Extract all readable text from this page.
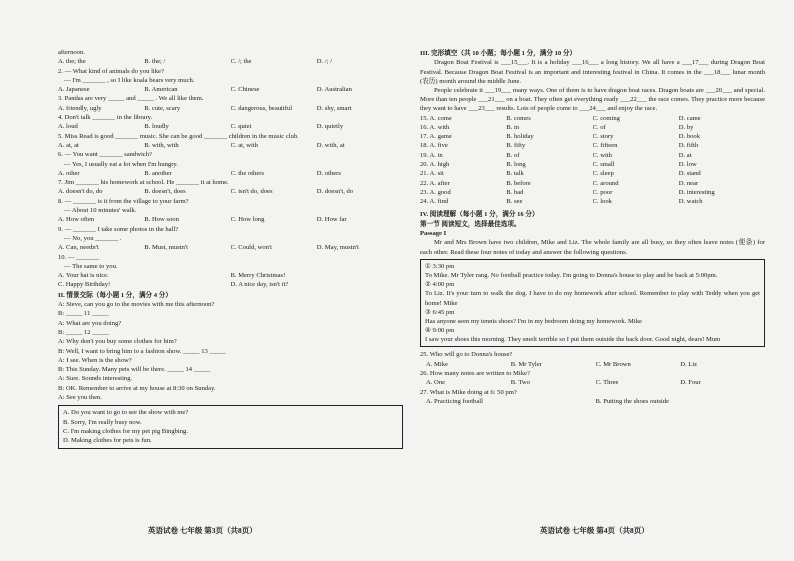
afternoon.
A. the; the	B. the; /	C. /; the	D. /; /
2. — What kind of animals do you like?
— I'm _______ , so I like koala bears very much.
A. Japanese	B. American	C. Chinese	D. Australian
3. Pandas are very _____ and _____ . We all like them.
A. friendly, ugly	B. cute, scary	C. dangerous, beautiful	D. shy, smart
4. Don't talk _______ in the library.
A. loud	B. loudly	C. quiet	D. quietly
5. Miss Read is good _______ music. She can be good _______ children in the music club.
A. at, at	B. with, with	C. at, with	D. with, at
6. — You want _______ sandwich?
— Yes, I usually eat a lot when I'm hungry.
A. other	B. another	C. the others	D. others
7. Jim _______ his homework at school. He _______ it at home.
A. doesn't do, do	B. doesn't, does	C. isn't do, does	D. doesn't, do
8. — _______ is it from the village to your farm?
— About 10 minutes' walk.
A. How often	B. How soon	C. How long	D. How far
9. — _______ I take some photos in the hall?
— No, you _______ .
A. Can, needn't	B. Must, mustn't	C. Could, won't	D. May, mustn't
10. — _______
— The same to you.
A. Your hat is nice.	B. Merry Christmas!
C. Happy Birthday!	D. A nice day, isn't it?
II. 情景交际（每小题 1 分，满分 4 分）
A: Steve, can you go to the movies with me this afternoon?
B: _____ 11 _____
A: What are you doing?
B: _____ 12 _____
A: Why don't you buy some clothes for him?
B: Well, I want to bring him to a fashion show. _____ 13 _____
A: I see. When is the show?
B: This Sunday. Many pets will be there. _____ 14 _____
A: Sure. Sounds interesting.
B: OK. Remember to arrive at my house at 8:30 on Sunday.
A: See you then.
A. Do you want to go to see the show with me?
B. Sorry, I'm really busy now.
C. I'm making clothes for my pet pig Bingbing.
D. Making clothes for pets is fun.
III. 完形填空（共 10 小题；每小题 1 分，满分 10 分）
Dragon Boat Festival is ___15___. It is a holiday ___16___ a long history. We all have a ___17___ during Dragon Boat Festival. Because Dragon Boat Festival is an important and interesting festival in China. It comes in the ___18___ lunar month (农历) month around the middle June.
People celebrate it ___19___ many ways. One of them is to have dragon boat races. Dragon boats are ___20___ and special. More than ten people ___21___ on a boat. They often get everything ready ___22___ the race comes. They practice more because they want to have ___23___ results. Lots of people come to ___24___ and enjoy the race.
15. A. come	B. comes	C. coming	D. came
16. A. with	B. in	C. of	D. by
17. A. game	B. holiday	C. story	D. book
18. A. five	B. fifty	C. fifteen	D. fifth
19. A. in	B. of	C. with	D. at
20. A. high	B. long	C. small	D. low
21. A. sit	B. talk	C. sleep	D. stand
22. A. after	B. before	C. around	D. near
23. A. good	B. bad	C. poor	D. interesting
24. A. find	B. see	C. look	D. watch
IV. 阅读理解（每小题 1 分，满分 16 分）
第一节 阅读短文，选择最佳选项。
Passage I
Mr and Mrs Brown have two children, Mike and Liz. The whole family are all busy, so they often leave notes (便条) for each other. Read these four notes of today and answer the following questions.
① 3:30 pm
To Mike. Mr Tyler rang. No football practice today. I'm going to Donna's house to play and be back at 5:00pm.
② 4:00 pm
To Liz. It's your turn to walk the dog. I have to do my homework after school. Remember to play with Teddy when you get home! Mike
③ 6:45 pm
Has anyone seen my tennis shoes? I'm in my bedroom doing my homework. Mike
④ 9:00 pm
I saw your shoes this morning. They smelt terrible so I put them outside the back door. Good night, dears! Mum
25. Who will go to Donna's house?
A. Mike	B. Mr Tyler	C. Mr Brown	D. Liz
26. How many notes are written to Mike?
A. One	B. Two	C. Three	D. Four
27. What is Mike doing at 6: 50 pm?
A. Practicing football	B. Putting the shoes outside
英语试卷 七年级 第3页（共8页）	英语试卷 七年级 第4页（共8页）
